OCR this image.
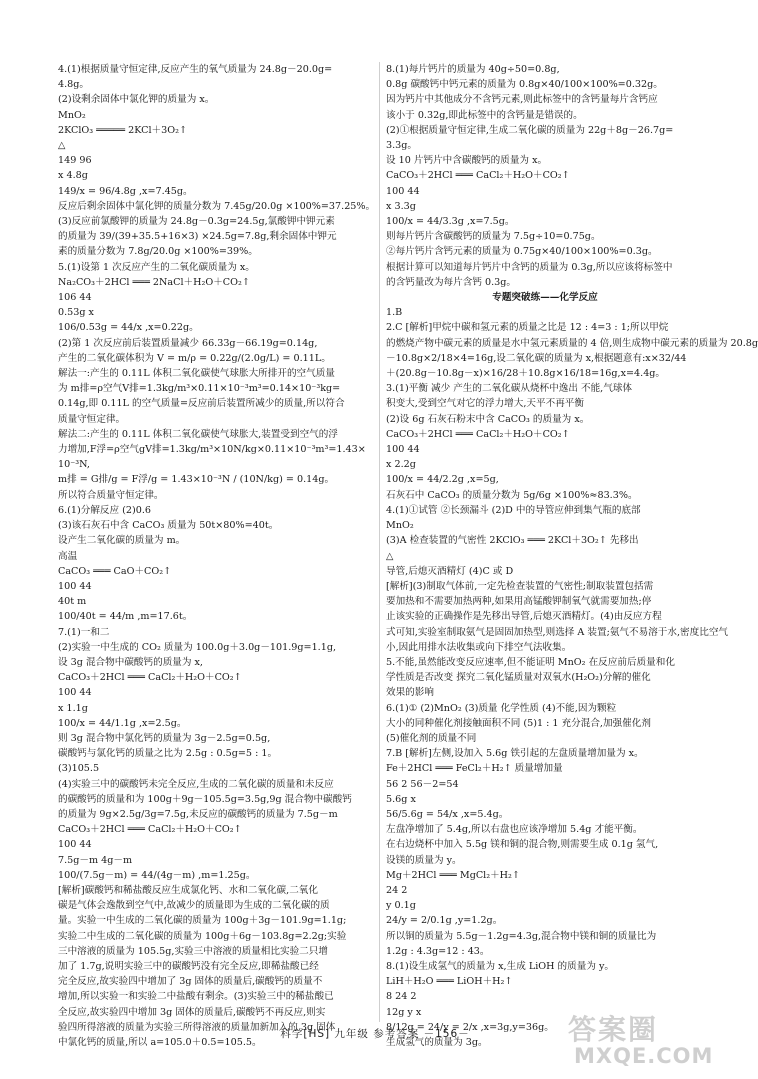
4.(1)根据质量守恒定律,反应产生的氧气质量为 24.8g－20.0g=
4.8g。
(2)设剩余固体中氯化钾的质量为 x。
MnO₂
2KClO₃ ═════ 2KCl＋3O₂↑
△
149 96
x 4.8g
149/x = 96/4.8g ,x=7.45g。
反应后剩余固体中氯化钾的质量分数为 7.45g/20.0g ×100%=37.25%。
(3)反应前氯酸钾的质量为 24.8g－0.3g=24.5g,氯酸钾中钾元素
的质量为 39/(39+35.5+16×3) ×24.5g=7.8g,剩余固体中钾元
素的质量分数为 7.8g/20.0g ×100%=39%。
5.(1)设第 1 次反应产生的二氧化碳质量为 x。
Na₂CO₃＋2HCl ═══ 2NaCl＋H₂O＋CO₂↑
106 44
0.53g x
106/0.53g = 44/x ,x=0.22g。
(2)第 1 次反应前后装置质量减少 66.33g－66.19g=0.14g,
产生的二氧化碳体积为 V = m/ρ = 0.22g/(2.0g/L) = 0.11L。
解法一:产生的 0.11L 体积二氧化碳使气球胀大所排开的空气质量
为 m排=ρ空气V排=1.3kg/m³×0.11×10⁻³m³=0.14×10⁻³kg=
0.14g,即 0.11L 的空气质量=反应前后装置所减少的质量,所以符合
质量守恒定律。
解法二:产生的 0.11L 体积二氧化碳使气球胀大,装置受到空气的浮
力增加,F浮=ρ空气gV排=1.3kg/m³×10N/kg×0.11×10⁻³m³=1.43×
10⁻³N,
m排 = G排/g = F浮/g = 1.43×10⁻³N / (10N/kg) = 0.14g。
所以符合质量守恒定律。
6.(1)分解反应 (2)0.6
(3)该石灰石中含 CaCO₃ 质量为 50t×80%=40t。
设产生二氧化碳的质量为 m。
高温
CaCO₃ ═══ CaO＋CO₂↑
100 44
40t m
100/40t = 44/m ,m=17.6t。
7.(1)一和二
(2)实验一中生成的 CO₂ 质量为 100.0g＋3.0g－101.9g=1.1g,
设 3g 混合物中碳酸钙的质量为 x,
CaCO₃＋2HCl ═══ CaCl₂＋H₂O＋CO₂↑
100 44
x 1.1g
100/x = 44/1.1g ,x=2.5g。
则 3g 混合物中氯化钙的质量为 3g－2.5g=0.5g,
碳酸钙与氯化钙的质量之比为 2.5g : 0.5g=5 : 1。
(3)105.5
(4)实验三中的碳酸钙未完全反应,生成的二氧化碳的质量和未反应
的碳酸钙的质量和为 100g＋9g－105.5g=3.5g,9g 混合物中碳酸钙
的质量为 9g×2.5g/3g=7.5g,未反应的碳酸钙的质量为 7.5g－m
CaCO₃＋2HCl ═══ CaCl₂＋H₂O＋CO₂↑
100 44
7.5g－m 4g－m
100/(7.5g－m) = 44/(4g－m) ,m=1.25g。
[解析]碳酸钙和稀盐酸反应生成氯化钙、水和二氧化碳,二氧化
碳是气体会逸散到空气中,故减少的质量即为生成的二氧化碳的质
量。实验一中生成的二氧化碳的质量为 100g＋3g－101.9g=1.1g;
实验二中生成的二氧化碳的质量为 100g＋6g－103.8g=2.2g;实验
三中溶液的质量为 105.5g,实验三中溶液的质量相比实验二只增
加了 1.7g,说明实验三中的碳酸钙没有完全反应,即稀盐酸已经
完全反应,故实验四中增加了 3g 固体的质量后,碳酸钙的质量不
增加,所以实验一和实验二中盐酸有剩余。(3)实验三中的稀盐酸已
全反应,故实验四中增加 3g 固体的质量后,碳酸钙不再反应,则实
验四所得溶液的质量为实验三所得溶液的质量加新加入的 3g 固体
中氯化钙的质量,所以 a=105.0＋0.5=105.5。
8.(1)每片钙片的质量为 40g÷50=0.8g,
0.8g 碳酸钙中钙元素的质量为 0.8g×40/100×100%=0.32g。
因为钙片中其他成分不含钙元素,则此标签中的含钙量每片含钙应
该小于 0.32g,即此标签中的含钙量是错误的。
(2)①根据质量守恒定律,生成二氧化碳的质量为 22g＋8g－26.7g=
3.3g。
设 10 片钙片中含碳酸钙的质量为 x。
CaCO₃＋2HCl ═══ CaCl₂＋H₂O＋CO₂↑
100 44
x 3.3g
100/x = 44/3.3g ,x=7.5g。
则每片钙片含碳酸钙的质量为 7.5g÷10=0.75g。
②每片钙片含钙元素的质量为 0.75g×40/100×100%=0.3g。
根据计算可以知道每片钙片中含钙的质量为 0.3g,所以应该将标签中
的含钙量改为每片含钙 0.3g。
专题突破练——化学反应
1.B
2.C [解析]甲烷中碳和氢元素的质量之比是 12 : 4=3 : 1;所以甲烷
的燃烧产物中碳元素的质量是水中氢元素质量的 4 倍,则生成物中碳元素的质量为 20.8g
－10.8g×2/18×4=16g,设二氧化碳的质量为 x,根据题意有:x×32/44
＋(20.8g－10.8g－x)×16/28＋10.8g×16/18=16g,x=4.4g。
3.(1)平衡 减少 产生的二氧化碳从烧杯中逸出 不能,气球体
积变大,受到空气对它的浮力增大,天平不再平衡
(2)设 6g 石灰石粉末中含 CaCO₃ 的质量为 x。
CaCO₃＋2HCl ═══ CaCl₂＋H₂O＋CO₂↑
100 44
x 2.2g
100/x = 44/2.2g ,x=5g,
石灰石中 CaCO₃ 的质量分数为 5g/6g ×100%≈83.3%。
4.(1)①试管 ②长颈漏斗 (2)D 中的导管应伸到集气瓶的底部
MnO₂
(3)A 检查装置的气密性 2KClO₃ ═══ 2KCl＋3O₂↑ 先移出
△
导管,后熄灭酒精灯 (4)C 或 D
[解析](3)制取气体前,一定先检查装置的气密性;制取装置包括需
要加热和不需要加热两种,如果用高锰酸钾制氧气就需要加热;停
止该实验的正确操作是先移出导管,后熄灭酒精灯。(4)由反应方程
式可知,实验室制取氨气是固固加热型,则选择 A 装置;氨气不易溶于水,密度比空气
小,因此用排水法收集或向下排空气法收集。
5.不能,虽然能改变反应速率,但不能证明 MnO₂ 在反应前后质量和化
学性质是否改变 探究二氧化锰质量对双氧水(H₂O₂)分解的催化
效果的影响
6.(1)① (2)MnO₂ (3)质量 化学性质 (4)不能,因为颗粒
大小的同种催化剂接触面积不同 (5)1 : 1 充分混合,加强催化剂
(5)催化剂的质量不同
7.B [解析]左侧,设加入 5.6g 铁引起的左盘质量增加量为 x。
Fe＋2HCl ═══ FeCl₂＋H₂↑ 质量增加量
56 2 56－2=54
5.6g x
56/5.6g = 54/x ,x=5.4g。
左盘净增加了 5.4g,所以右盘也应该净增加 5.4g 才能平衡。
在右边烧杯中加入 5.5g 镁和铜的混合物,则需要生成 0.1g 氢气,
设镁的质量为 y。
Mg＋2HCl ═══ MgCl₂＋H₂↑
24 2
y 0.1g
24/y = 2/0.1g ,y=1.2g。
所以铜的质量为 5.5g－1.2g=4.3g,混合物中镁和铜的质量比为
1.2g : 4.3g=12 : 43。
8.(1)设生成氢气的质量为 x,生成 LiOH 的质量为 y。
LiH＋H₂O ═══ LiOH＋H₂↑
8 24 2
12g y x
8/12g = 24/y = 2/x ,x=3g,y=36g。
生成氢气的质量为 3g。
科学[HS] 九年级 参考答案 －156－	答案圈
MXQE.COM
